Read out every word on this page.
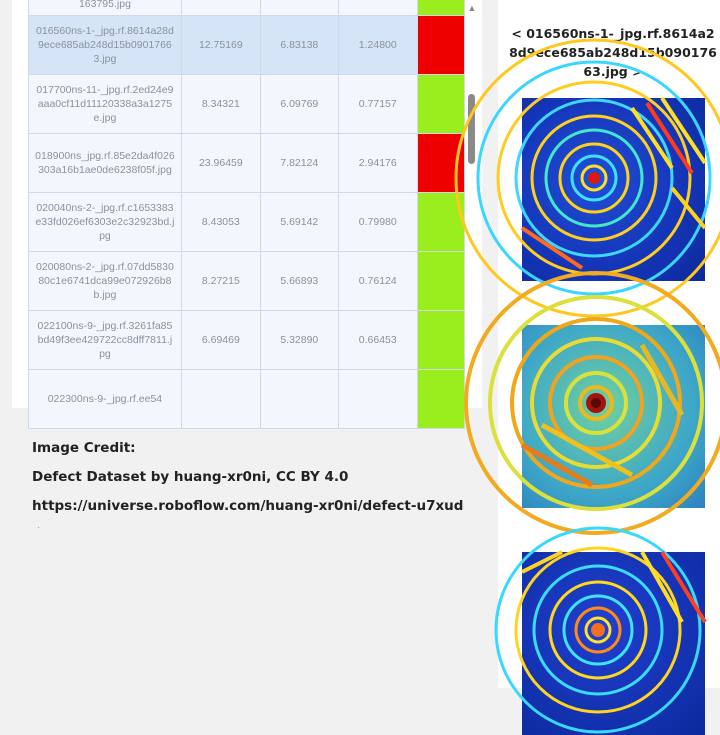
163795.jpg				
016560ns-1-_jpg.rf.8614a28d9ece685ab248d15b09017663.jpg	12.75169	6.83138	1.24800	
017700ns-11-_jpg.rf.2ed24e9aaa0cf11d11120338a3a1275e.jpg	8.34321	6.09769	0.77157	
018900ns_jpg.rf.85e2da4f026303a16b1ae0de6238f05f.jpg	23.96459	7.82124	2.94176	
020040ns-2-_jpg.rf.c1653383e33fd026ef6303e2c32923bd.jpg	8.43053	5.69142	0.79980	
020080ns-2-_jpg.rf.07dd583080c1e6741dca99e072926b8b.jpg	8.27215	5.66893	0.76124	
022100ns-9-_jpg.rf.3261fa85bd49f3ee429722cc8dff7811.jpg	6.69469	5.32890	0.66453	
022300ns-9-_jpg.rf.ee54				
▲
Image Credit:
Defect Dataset by huang-xr0ni, CC BY 4.0
https://universe.roboflow.com/huang-xr0ni/defect-u7xud
·
< 016560ns-1-_jpg.rf.8614a28d9ece685ab248d15b09017663.jpg >
